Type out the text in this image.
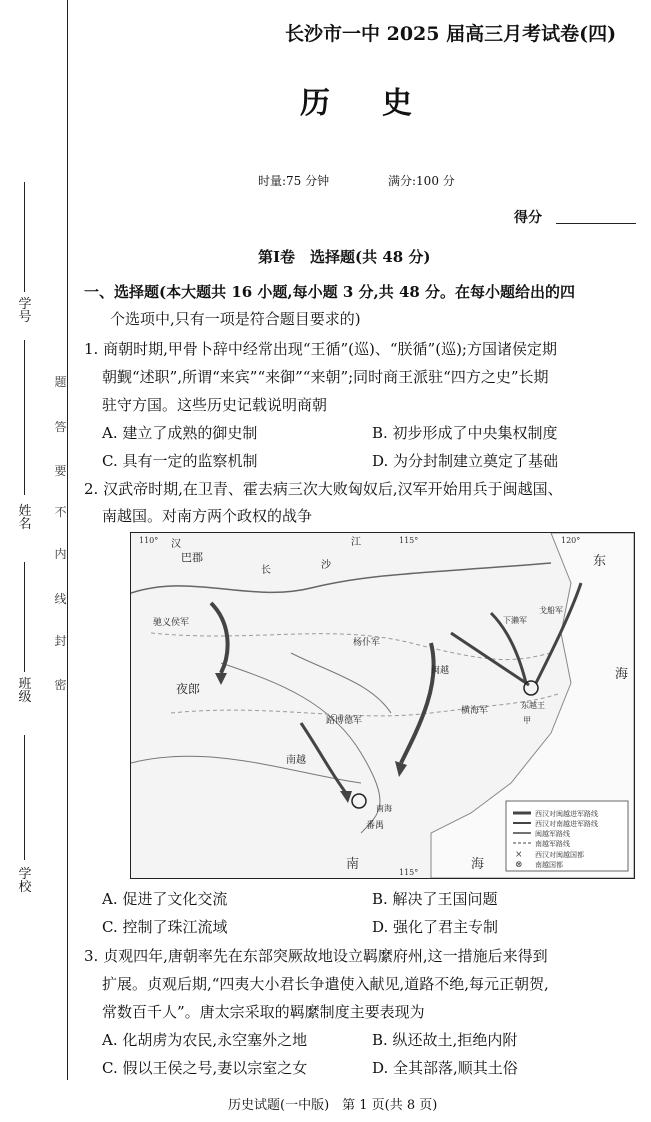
学号
姓名
班级
学校
题
答
要
不
内
线
封
密
长沙市一中 2025 届高三月考试卷(四)
历史
时量:75 分钟	满分:100 分
得分
第Ⅰ卷　选择题(共 48 分)
一、选择题(本大题共 16 小题,每小题 3 分,共 48 分。在每小题给出的四
个选项中,只有一项是符合题目要求的)
1. 商朝时期,甲骨卜辞中经常出现“王循”(巡)、“朕循”(巡);方国诸侯定期
朝觐“述职”,所谓“来宾”“来御”“来朝”;同时商王派驻“四方之史”长期
驻守方国。这些历史记载说明商朝
A. 建立了成熟的御史制	B. 初步形成了中央集权制度
C. 具有一定的监察机制	D. 为分封制建立奠定了基础
2. 汉武帝时期,在卫青、霍去病三次大败匈奴后,汉军开始用兵于闽越国、
南越国。对南方两个政权的战争
×
⊗
西汉对闽越进军路线
西汉对南越进军路线
闽越军路线
南越军路线
西汉对闽越国都
南越国都
110°	115°	120°
南	海
115°
巴郡
汉
长	沙
江
东
海
夜郎
驰义侯军
南越
番禺
杨仆军
路博德军
下濑军
横海军
戈船军
东越王
闽越
甲
南海
A. 促进了文化交流	B. 解决了王国问题
C. 控制了珠江流域	D. 强化了君主专制
3. 贞观四年,唐朝率先在东部突厥故地设立羁縻府州,这一措施后来得到
扩展。贞观后期,“四夷大小君长争遣使入献见,道路不绝,每元正朝贺,
常数百千人”。唐太宗采取的羁縻制度主要表现为
A. 化胡虏为农民,永空塞外之地	B. 纵还故土,拒绝内附
C. 假以王侯之号,妻以宗室之女	D. 全其部落,顺其土俗
历史试题(一中版)　第 1 页(共 8 页)
